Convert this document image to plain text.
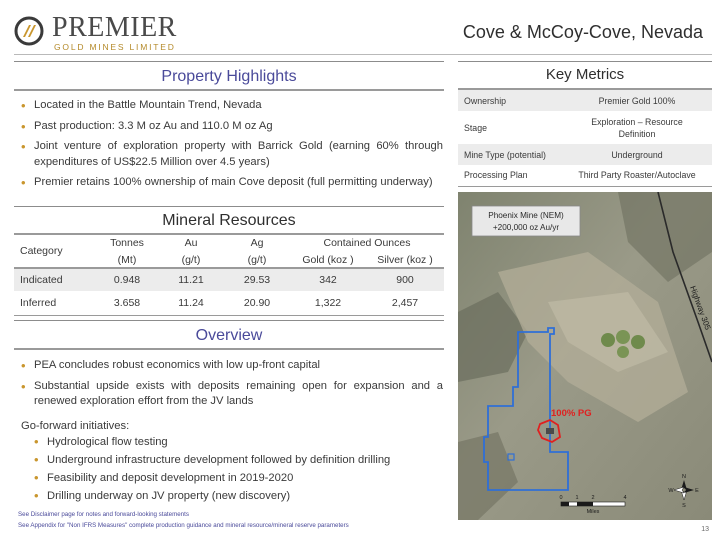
PREMIER
GOLD MINES LIMITED
Cove & McCoy-Cove, Nevada
Property Highlights
• Located in the Battle Mountain Trend, Nevada
• Past production: 3.3 M oz Au and 110.0 M oz Ag
• Joint venture of exploration property with Barrick Gold (earning 60% through expenditures of US$22.5 Million over 4.5 years)
• Premier retains 100% ownership of main Cove deposit (full permitting underway)
Mineral Resources
Category	Tonnes	Au	Ag	Contained Ounces	
	(Mt)	(g/t)	(g/t)	Gold (koz )	Silver (koz )
Indicated	0.948	11.21	29.53	342	900
Inferred	3.658	11.24	20.90	1,322	2,457
Overview
• PEA concludes robust economics with low up-front capital
• Substantial upside exists with deposits remaining open for expansion and a renewed exploration effort from the JV lands
Go-forward initiatives:
• Hydrological flow testing
• Underground infrastructure development followed by definition drilling
• Feasibility and deposit development in 2019-2020
• Drilling underway on JV property (new discovery)
Key Metrics
Ownership	Premier Gold 100%
Stage	Exploration – Resource Definition
Mine Type (potential)	Underground
Processing Plan	Third Party Roaster/Autoclave
Highway 305
100% PG
Phoenix Mine (NEM)
+200,000 oz Au/yr
0 1 2	4
Miles
N
S
W	E
See Disclaimer page for notes and forward-looking statements
See Appendix for "Non IFRS Measures" complete production guidance and mineral resource/mineral reserve parameters
13
